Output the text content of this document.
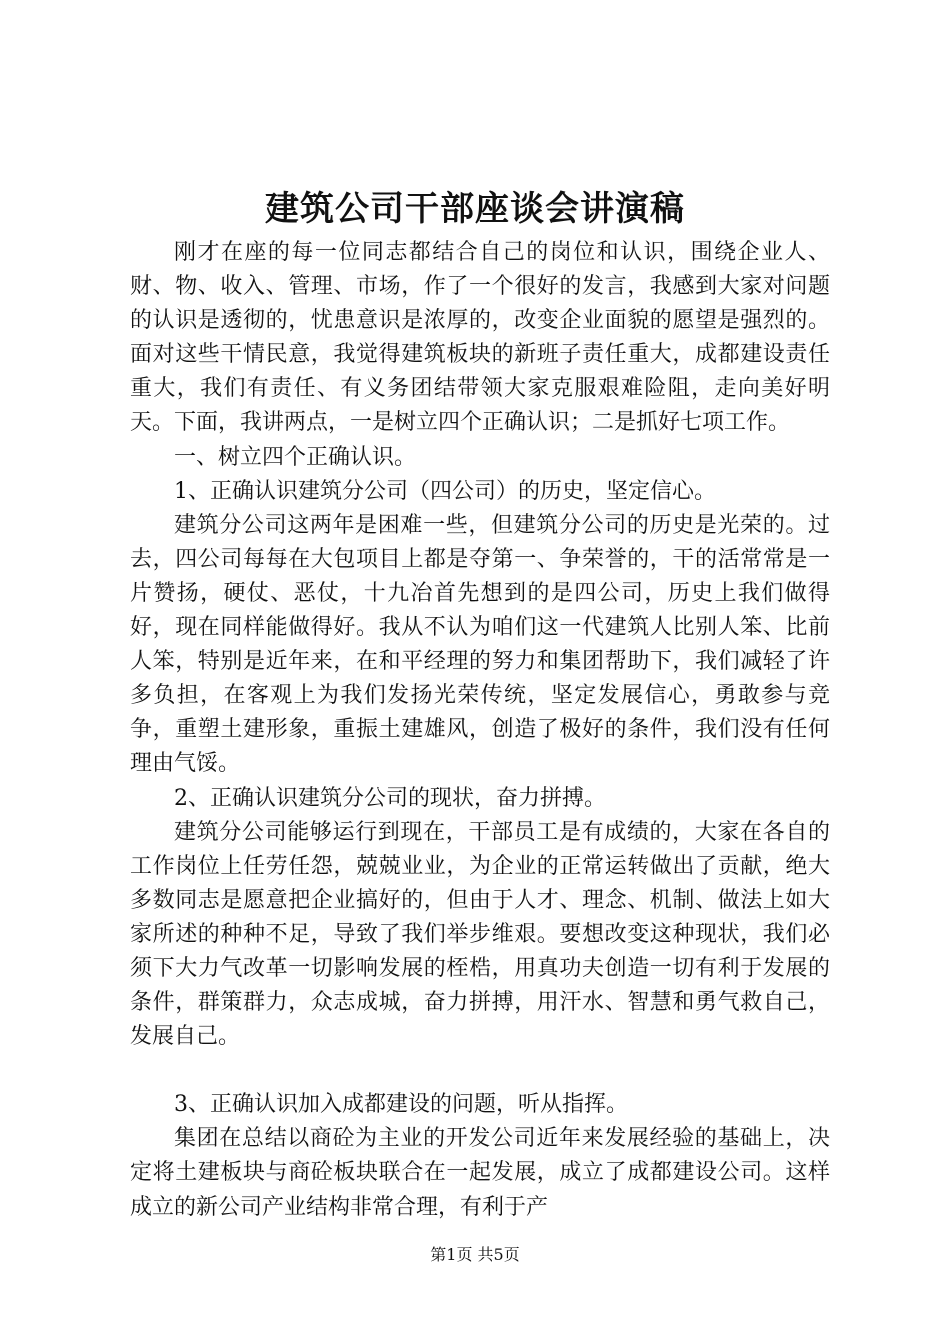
建筑公司干部座谈会讲演稿

刚才在座的每一位同志都结合自己的岗位和认识，围绕企业人、财、物、收入、管理、市场，作了一个很好的发言，我感到大家对问题的认识是透彻的，忧患意识是浓厚的，改变企业面貌的愿望是强烈的。面对这些干情民意，我觉得建筑板块的新班子责任重大，成都建设责任重大，我们有责任、有义务团结带领大家克服艰难险阻，走向美好明天。下面，我讲两点，一是树立四个正确认识；二是抓好七项工作。

一、树立四个正确认识。

1、正确认识建筑分公司（四公司）的历史，坚定信心。

建筑分公司这两年是困难一些，但建筑分公司的历史是光荣的。过去，四公司每每在大包项目上都是夺第一、争荣誉的，干的活常常是一片赞扬，硬仗、恶仗，十九冶首先想到的是四公司，历史上我们做得好，现在同样能做得好。我从不认为咱们这一代建筑人比别人笨、比前人笨，特别是近年来，在和平经理的努力和集团帮助下，我们减轻了许多负担，在客观上为我们发扬光荣传统，坚定发展信心，勇敢参与竞争，重塑土建形象，重振土建雄风，创造了极好的条件，我们没有任何理由气馁。

2、正确认识建筑分公司的现状，奋力拼搏。

建筑分公司能够运行到现在，干部员工是有成绩的，大家在各自的工作岗位上任劳任怨，兢兢业业，为企业的正常运转做出了贡献，绝大多数同志是愿意把企业搞好的，但由于人才、理念、机制、做法上如大家所述的种种不足，导致了我们举步维艰。要想改变这种现状，我们必须下大力气改革一切影响发展的桎梏，用真功夫创造一切有利于发展的条件，群策群力，众志成城，奋力拼搏，用汗水、智慧和勇气救自己，发展自己。

3、正确认识加入成都建设的问题，听从指挥。

集团在总结以商砼为主业的开发公司近年来发展经验的基础上，决定将土建板块与商砼板块联合在一起发展，成立了成都建设公司。这样成立的新公司产业结构非常合理，有利于产

第1页 共5页
